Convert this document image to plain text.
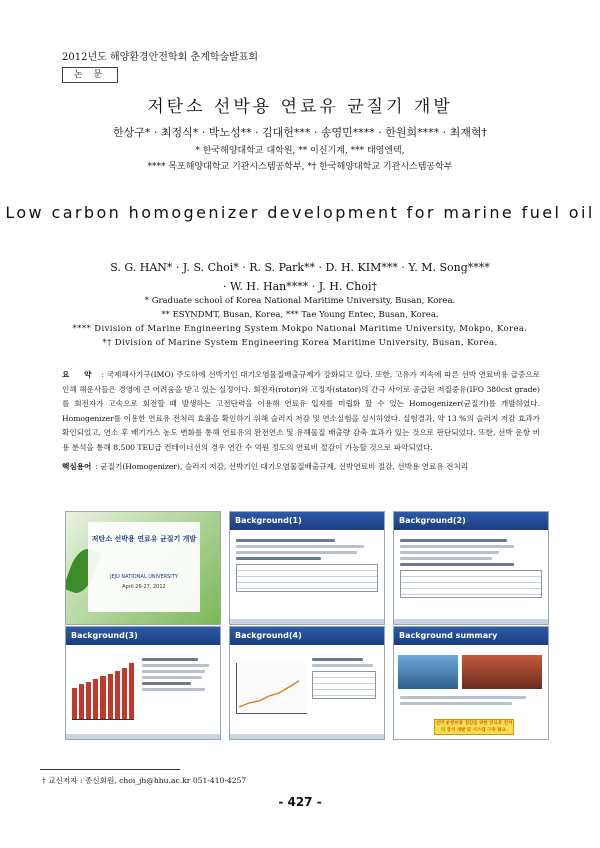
2012년도 해양환경안전학회 춘계학술발표회
논 문
저탄소 선박용 연료유 균질기 개발
한상구* · 최정식* · 박노성** · 김대헌*** · 송영민**** · 한원희**** · 최재혁†
* 한국해양대학교 대학원, ** 이신기계, *** 태영엔텍,
**** 목포해양대학교 기관시스템공학부, *† 한국해양대학교 기관시스템공학부
Low carbon homogenizer development for marine fuel oil
S. G. HAN* · J. S. Choi* · R. S. Park** · D. H. KIM*** · Y. M. Song****
· W. H. Han**** · J. H. Choi†
* Graduate school of Korea National Maritime University, Busan, Korea.
** ESYNDMT, Busan, Korea, *** Tae Young Entec, Busan, Korea.
**** Division of Marine Engineering System Mokpo National Maritime University, Mokpo, Korea.
*† Division of Marine System Engineering Korea Maritime University, Busan, Korea.
요 약 : 국제해사기구(IMO) 주도하에 선박기인 대기오염물질배출규제가 강화되고 있다. 또한, 고유가 지속에 따른 선박 연료비용 급증으로 인해 해운사들은 경영에 큰 어려움을 받고 있는 실정이다. 회전자(rotor)와 고정자(stator)의 간극 사이로 공급된 저질중유(IFO 380cst grade)를 회전자가 고속으로 회전할 때 발생하는 고전단력을 이용해 연료유 입자를 미립화 할 수 있는 Homogenizer(균질기)를 개발하였다. Homogenizer를 이용한 연료유 전처리 효율을 확인하기 위해 슬러지 저감 및 연소실험을 실시하였다. 실험결과, 약 13 %의 슬러지 저감 효과가 확인되었고, 연소 후 배기가스 농도 변화를 통해 연료유의 완전연소 및 유해물질 배출량 감축 효과가 있는 것으로 판단되었다. 또한, 선박 운항 비용 분석을 통해 8,500 TEU급 컨테이너선의 경우 연간 수 억원 정도의 연료비 절감이 가능할 것으로 파악되었다.
핵심용어 : 균질기(Homogenizer), 슬러지 저감, 선박기인 대기오염물질배출규제, 선박연료비 절감, 선박용 연료유 전처리
저탄소 선박용 연료유 균질기 개발
JEJU NATIONAL UNIVERSITY
April 26-27, 2012
Background(1)	Background(2)
Background(3)	Background(4)	Background summary
선박 운항비용 절감을 위한 연료유 전처리 장치 개발 및 시스템 구축 필요.
† 교신저자 : 종신회원, choi_jh@hhu.ac.kr 051-410-4257
- 427 -
